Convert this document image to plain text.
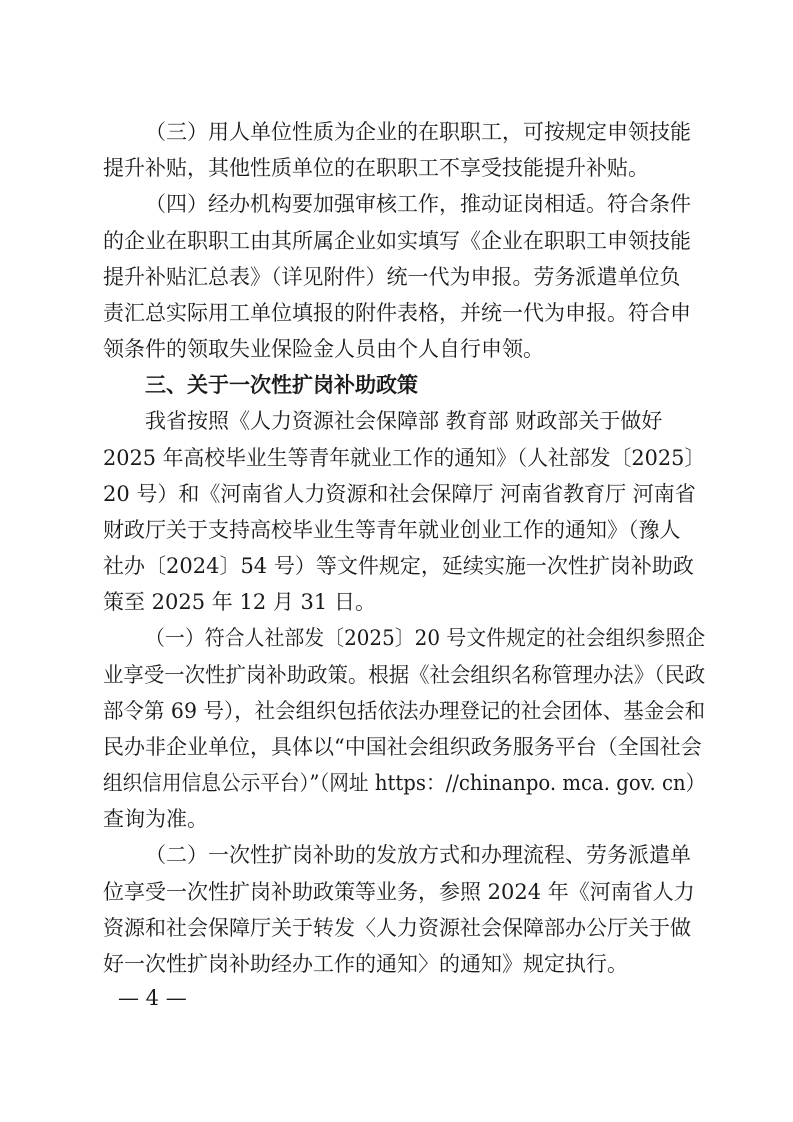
（三）用人单位性质为企业的在职职工，可按规定申领技能
提升补贴，其他性质单位的在职职工不享受技能提升补贴。
（四）经办机构要加强审核工作，推动证岗相适。符合条件
的企业在职职工由其所属企业如实填写《企业在职职工申领技能
提升补贴汇总表》（详见附件）统一代为申报。劳务派遣单位负
责汇总实际用工单位填报的附件表格，并统一代为申报。符合申
领条件的领取失业保险金人员由个人自行申领。
三、关于一次性扩岗补助政策
我省按照《人力资源社会保障部 教育部 财政部关于做好
2025 年高校毕业生等青年就业工作的通知》（人社部发〔2025〕
20 号）和《河南省人力资源和社会保障厅 河南省教育厅 河南省
财政厅关于支持高校毕业生等青年就业创业工作的通知》（豫人
社办〔2024〕54 号）等文件规定，延续实施一次性扩岗补助政
策至 2025 年 12 月 31 日。
（一）符合人社部发〔2025〕20 号文件规定的社会组织参照企
业享受一次性扩岗补助政策。根据《社会组织名称管理办法》（民政
部令第 69 号），社会组织包括依法办理登记的社会团体、基金会和
民办非企业单位，具体以“中国社会组织政务服务平台（全国社会
组织信用信息公示平台）”（网址 https：//chinanpo. mca. gov. cn）
查询为准。
（二）一次性扩岗补助的发放方式和办理流程、劳务派遣单
位享受一次性扩岗补助政策等业务，参照 2024 年《河南省人力
资源和社会保障厅关于转发〈人力资源社会保障部办公厅关于做
好一次性扩岗补助经办工作的通知〉的通知》规定执行。
— 4 —
